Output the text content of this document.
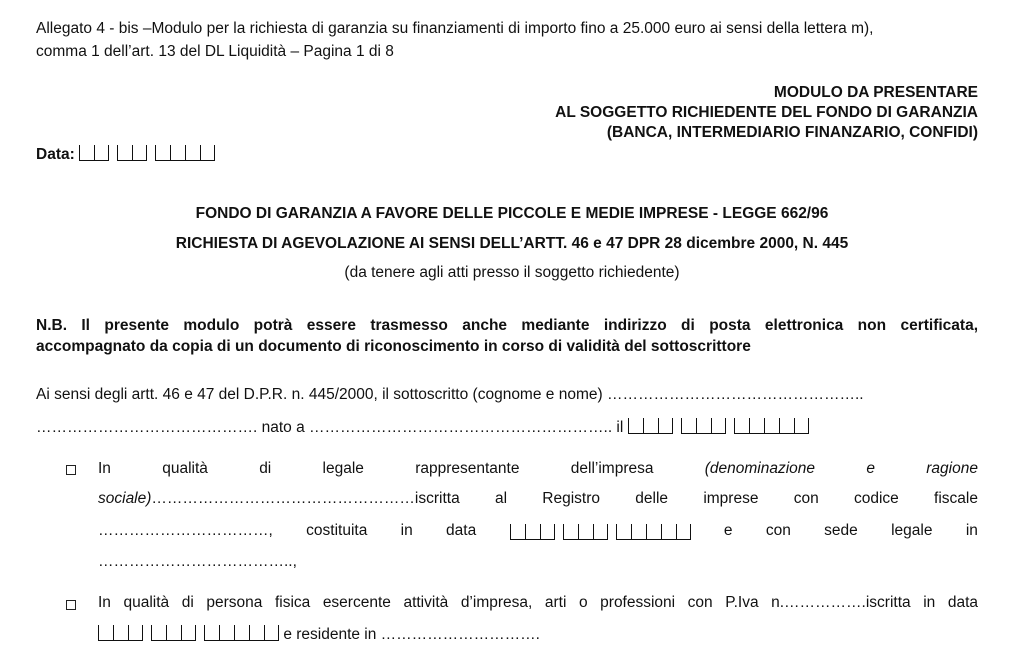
Allegato 4 - bis –Modulo per la richiesta di garanzia su finanziamenti di importo fino a 25.000 euro ai sensi della lettera m),
comma 1 dell’art. 13 del DL Liquidità – Pagina 1 di 8
MODULO DA PRESENTARE
AL SOGGETTO RICHIEDENTE DEL FONDO DI GARANZIA
(BANCA, INTERMEDIARIO FINANZARIO, CONFIDI)
Data:
FONDO DI GARANZIA A FAVORE DELLE PICCOLE E MEDIE IMPRESE - LEGGE 662/96
RICHIESTA DI AGEVOLAZIONE AI SENSI DELL’ARTT. 46 e 47 DPR 28 dicembre 2000, N. 445
(da tenere agli atti presso il soggetto richiedente)
N.B. Il presente modulo potrà essere trasmesso anche mediante indirizzo di posta elettronica non certificata,
accompagnato da copia di un documento di riconoscimento in corso di validità del sottoscrittore
Ai sensi degli artt. 46 e 47 del D.P.R. n. 445/2000, il sottoscritto (cognome e nome) …………………………………………..
……………………………………. nato a ………………………………………………….. il
In	qualità	di	legale	rappresentante	dell’impresa	(denominazione	e	ragione
sociale)……………………………………………iscritta al Registro delle imprese con codice fiscale
……………………………, costituita in data	e con sede legale in
………………………………..,
In qualità di persona fisica esercente attività d’impresa, arti o professioni con P.Iva n.…………….iscritta in data
e residente in ………………………….
